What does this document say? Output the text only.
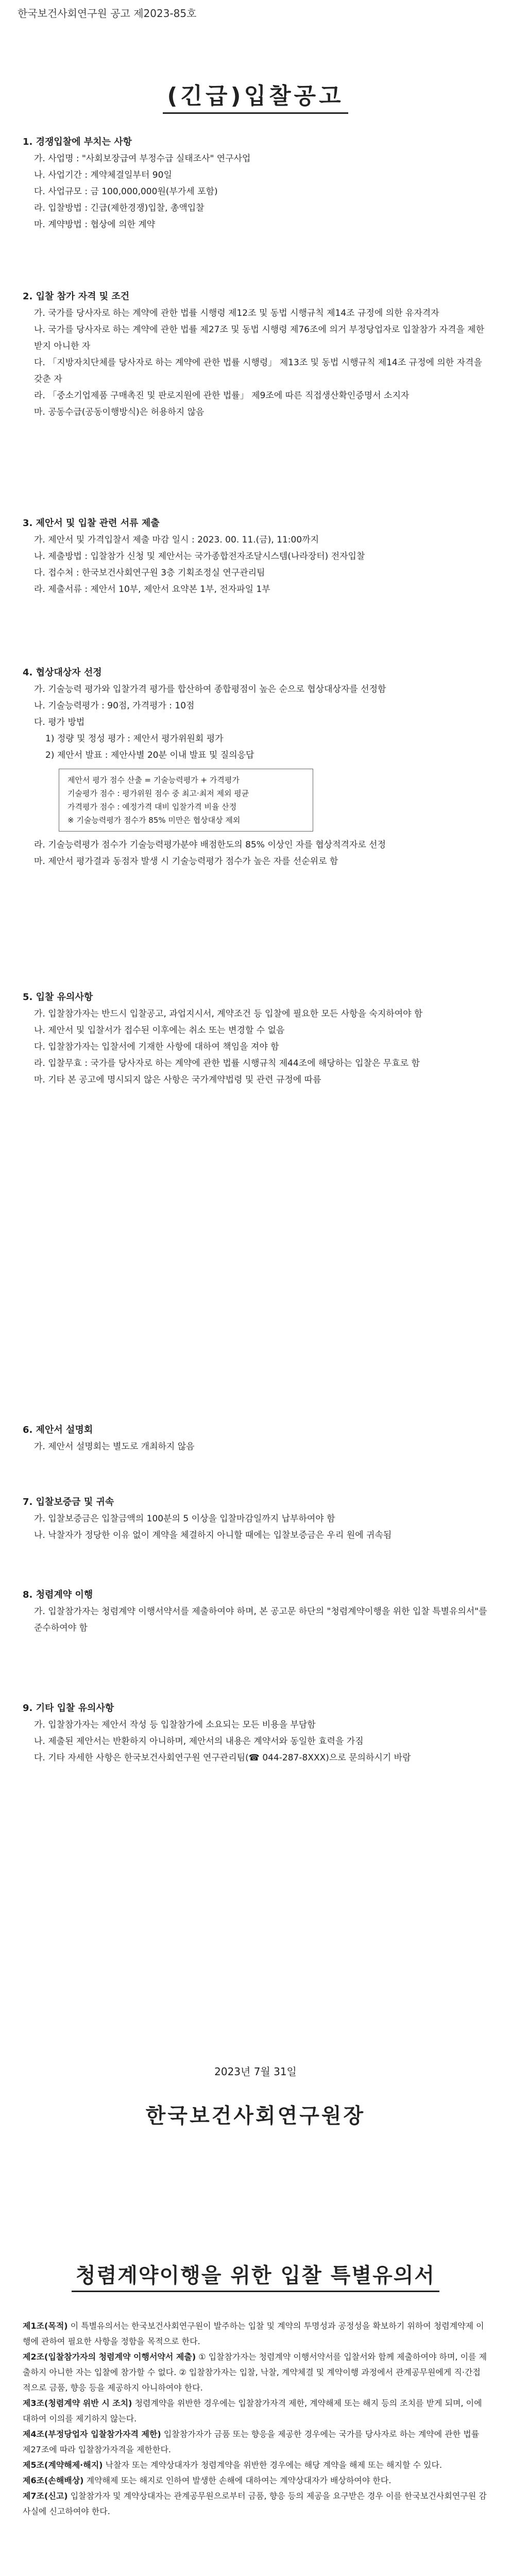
한국보건사회연구원 공고 제2023-85호
(긴급)입찰공고
1. 경쟁입찰에 부치는 사항

가. 사업명 : "사회보장급여 부정수급 실태조사" 연구사업

나. 사업기간 : 계약체결일부터 90일

다. 사업규모 : 금 100,000,000원(부가세 포함)

라. 입찰방법 : 긴급(제한경쟁)입찰, 총액입찰

마. 계약방법 : 협상에 의한 계약

2. 입찰 참가 자격 및 조건

가. 국가를 당사자로 하는 계약에 관한 법률 시행령 제12조 및 동법 시행규칙 제14조 규정에 의한 유자격자

나. 국가를 당사자로 하는 계약에 관한 법률 제27조 및 동법 시행령 제76조에 의거 부정당업자로 입찰참가 자격을 제한받지 아니한 자

다. 「지방자치단체를 당사자로 하는 계약에 관한 법률 시행령」 제13조 및 동법 시행규칙 제14조 규정에 의한 자격을 갖춘 자

라. 「중소기업제품 구매촉진 및 판로지원에 관한 법률」 제9조에 따른 직접생산확인증명서 소지자

마. 공동수급(공동이행방식)은 허용하지 않음

3. 제안서 및 입찰 관련 서류 제출

가. 제안서 및 가격입찰서 제출 마감 일시 : 2023. 00. 11.(금), 11:00까지

나. 제출방법 : 입찰참가 신청 및 제안서는 국가종합전자조달시스템(나라장터) 전자입찰

다. 접수처 : 한국보건사회연구원 3층 기획조정실 연구관리팀

라. 제출서류 : 제안서 10부, 제안서 요약본 1부, 전자파일 1부

4. 협상대상자 선정

가. 기술능력 평가와 입찰가격 평가를 합산하여 종합평점이 높은 순으로 협상대상자를 선정함

나. 기술능력평가 : 90점, 가격평가 : 10점

다. 평가 방법

1) 정량 및 정성 평가 : 제안서 평가위원회 평가

2) 제안서 발표 : 제안사별 20분 이내 발표 및 질의응답

제안서 평가 점수 산출 = 기술능력평가 + 가격평가
기술평가 점수 : 평가위원 점수 중 최고·최저 제외 평균
가격평가 점수 : 예정가격 대비 입찰가격 비율 산정
※ 기술능력평가 점수가 85% 미만은 협상대상 제외

라. 기술능력평가 점수가 기술능력평가분야 배점한도의 85% 이상인 자를 협상적격자로 선정

마. 제안서 평가결과 동점자 발생 시 기술능력평가 점수가 높은 자를 선순위로 함

5. 입찰 유의사항

가. 입찰참가자는 반드시 입찰공고, 과업지시서, 계약조건 등 입찰에 필요한 모든 사항을 숙지하여야 함

나. 제안서 및 입찰서가 접수된 이후에는 취소 또는 변경할 수 없음

다. 입찰참가자는 입찰서에 기재한 사항에 대하여 책임을 져야 함

라. 입찰무효 : 국가를 당사자로 하는 계약에 관한 법률 시행규칙 제44조에 해당하는 입찰은 무효로 함

마. 기타 본 공고에 명시되지 않은 사항은 국가계약법령 및 관련 규정에 따름

6. 제안서 설명회

가. 제안서 설명회는 별도로 개최하지 않음

7. 입찰보증금 및 귀속

가. 입찰보증금은 입찰금액의 100분의 5 이상을 입찰마감일까지 납부하여야 함

나. 낙찰자가 정당한 이유 없이 계약을 체결하지 아니할 때에는 입찰보증금은 우리 원에 귀속됨

8. 청렴계약 이행

가. 입찰참가자는 청렴계약 이행서약서를 제출하여야 하며, 본 공고문 하단의 "청렴계약이행을 위한 입찰 특별유의서"를 준수하여야 함

9. 기타 입찰 유의사항

가. 입찰참가자는 제안서 작성 등 입찰참가에 소요되는 모든 비용을 부담함

나. 제출된 제안서는 반환하지 아니하며, 제안서의 내용은 계약서와 동일한 효력을 가짐

다. 기타 자세한 사항은 한국보건사회연구원 연구관리팀(☎ 044-287-8XXX)으로 문의하시기 바람

2023년 7월 31일
한국보건사회연구원장
청렴계약이행을 위한 입찰 특별유의서

제1조(목적) 이 특별유의서는 한국보건사회연구원이 발주하는 입찰 및 계약의 투명성과 공정성을 확보하기 위하여 청렴계약제 이행에 관하여 필요한 사항을 정함을 목적으로 한다.

제2조(입찰참가자의 청렴계약 이행서약서 제출) ① 입찰참가자는 청렴계약 이행서약서를 입찰서와 함께 제출하여야 하며, 이를 제출하지 아니한 자는 입찰에 참가할 수 없다. ② 입찰참가자는 입찰, 낙찰, 계약체결 및 계약이행 과정에서 관계공무원에게 직·간접적으로 금품, 향응 등을 제공하지 아니하여야 한다.

제3조(청렴계약 위반 시 조치) 청렴계약을 위반한 경우에는 입찰참가자격 제한, 계약해제 또는 해지 등의 조치를 받게 되며, 이에 대하여 이의를 제기하지 않는다.

제4조(부정당업자 입찰참가자격 제한) 입찰참가자가 금품 또는 향응을 제공한 경우에는 국가를 당사자로 하는 계약에 관한 법률 제27조에 따라 입찰참가자격을 제한한다.

제5조(계약해제·해지) 낙찰자 또는 계약상대자가 청렴계약을 위반한 경우에는 해당 계약을 해제 또는 해지할 수 있다.

제6조(손해배상) 계약해제 또는 해지로 인하여 발생한 손해에 대하여는 계약상대자가 배상하여야 한다.

제7조(신고) 입찰참가자 및 계약상대자는 관계공무원으로부터 금품, 향응 등의 제공을 요구받은 경우 이를 한국보건사회연구원 감사실에 신고하여야 한다.
